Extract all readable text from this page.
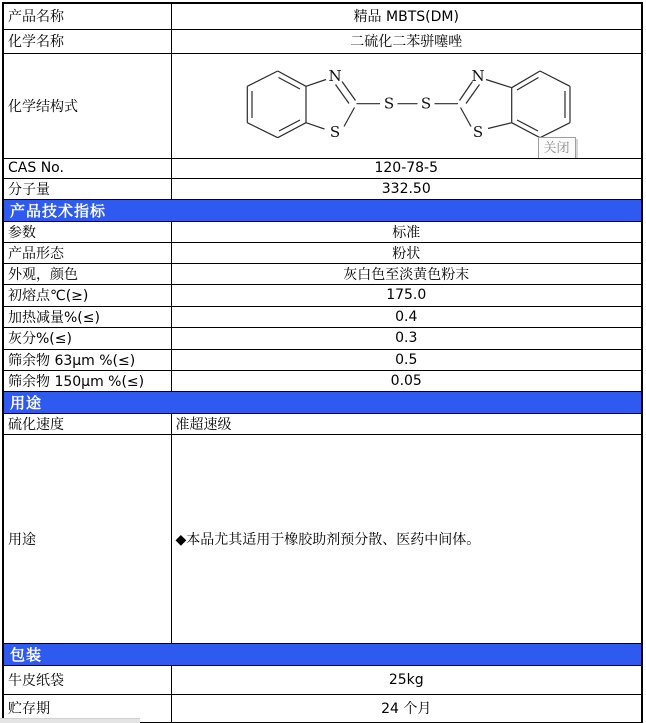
产品名称	精品 MBTS(DM)
化学名称	二硫化二苯骈噻唑
化学结构式	
N
S
S S
N
S
关闭

CAS No.	120-78-5
分子量	332.50
产品技术指标	
参数	标准
产品形态	粉状
外观，颜色	灰白色至淡黄色粉末
初熔点℃(≥)	175.0
加热减量%(≤)	0.4
灰分%(≤)	0.3
筛余物 63μm %(≤)	0.5
筛余物 150μm %(≤)	0.05
用途	
硫化速度	准超速级
用途	◆本品尤其适用于橡胶助剂预分散、医药中间体。
包装	
牛皮纸袋	25kg
贮存期	24 个月
